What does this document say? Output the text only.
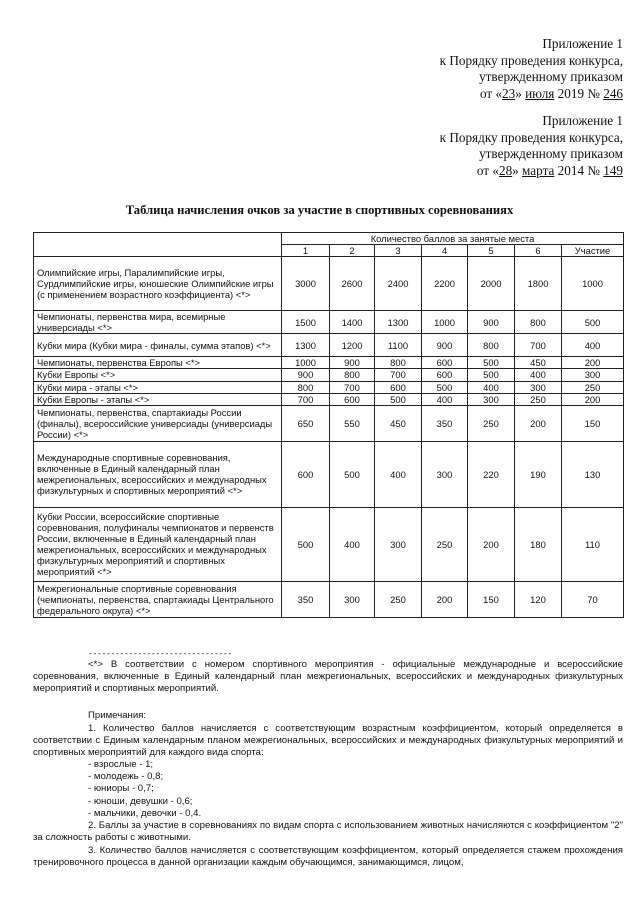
Приложение 1
к Порядку проведения конкурса,
утвержденному приказом
от «23» июля 2019 № 246
Приложение 1
к Порядку проведения конкурса,
утвержденному приказом
от «28» марта 2014 № 149
Таблица начисления очков за участие в спортивных соревнованиях
	Количество баллов за занятые места						
	1	2	3	4	5	6	Участие
Олимпийские игры, Паралимпийские игры, Сурдлимпийские игры, юношеские Олимпийские игры (с применением возрастного коэффициента) <*>	3000	2600	2400	2200	2000	1800	1000
Чемпионаты, первенства мира, всемирные универсиады <*>	1500	1400	1300	1000	900	800	500
Кубки мира (Кубки мира - финалы, сумма этапов) <*>	1300	1200	1100	900	800	700	400
Чемпионаты, первенства Европы <*>	1000	900	800	600	500	450	200
Кубки Европы <*>	900	800	700	600	500	400	300
Кубки мира - этапы <*>	800	700	600	500	400	300	250
Кубки Европы - этапы <*>	700	600	500	400	300	250	200
Чемпионаты, первенства, спартакиады России (финалы), всероссийские универсиады (универсиады России) <*>	650	550	450	350	250	200	150
Международные спортивные соревнования, включенные в Единый календарный план межрегиональных, всероссийских и международных физкультурных и спортивных мероприятий <*>	600	500	400	300	220	190	130
Кубки России, всероссийские спортивные соревнования, полуфиналы чемпионатов и первенств России, включенные в Единый календарный план межрегиональных, всероссийских и международных физкультурных мероприятий и спортивных мероприятий <*>	500	400	300	250	200	180	110
Межрегиональные спортивные соревнования (чемпионаты, первенства, спартакиады Центрального федерального округа) <*>	350	300	250	200	150	120	70
--------------------------------
<*> В соответствии с номером спортивного мероприятия - официальные международные и всероссийские соревнования, включенные в Единый календарный план межрегиональных, всероссийских и международных физкультурных мероприятий и спортивных мероприятий.
Примечания:
1. Количество баллов начисляется с соответствующим возрастным коэффициентом, который определяется в соответствии с Единым календарным планом межрегиональных, всероссийских и международных физкультурных мероприятий и спортивных мероприятий для каждого вида спорта:
- взрослые - 1;
- молодежь - 0,8;
- юниоры - 0,7;
- юноши, девушки - 0,6;
- мальчики, девочки - 0,4.
2. Баллы за участие в соревнованиях по видам спорта с использованием животных начисляются с коэффициентом "2" за сложность работы с животными.
3. Количество баллов начисляется с соответствующим коэффициентом, который определяется стажем прохождения тренировочного процесса в данной организации каждым обучающимся, занимающимся, лицом,
